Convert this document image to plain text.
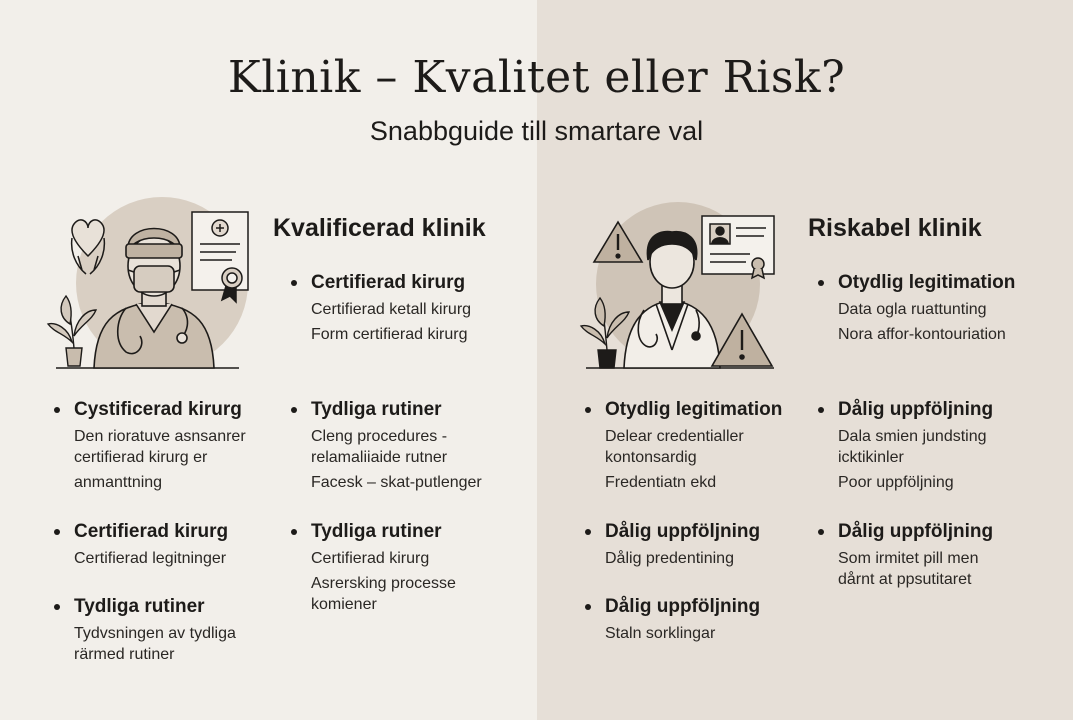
Klinik – Kvalitet eller Risk?
Snabbguide till smartare val
Kvalificerad klinik
Certifierad kirurg
Certifierad ketall kirurg
Form certifierad kirurg
Cystificerad kirurg
Den rioratuve asnsanrer
certifierad kirurg er
anmanttning
Tydliga rutiner
Cleng procedures -
relamaliiaide rutner
Facesk – skat-putlenger
Certifierad kirurg
Certifierad legitninger
Tydliga rutiner
Certifierad kirurg
Asrersking processe
komiener
Tydliga rutiner
Tydvsningen av tydliga
rärmed rutiner
Riskabel klinik
Otydlig legitimation
Data ogla ruattunting
Nora affor-kontouriation
Otydlig legitimation
Delear credentialler
kontonsardig
Fredentiatn ekd
Dålig uppföljning
Dala smien jundsting
icktikinler
Poor uppföljning
Dålig uppföljning
Dålig predentining
Dålig uppföljning
Som irmitet pill men
dårnt at ppsutitaret
Dålig uppföljning
Staln sorklingar
